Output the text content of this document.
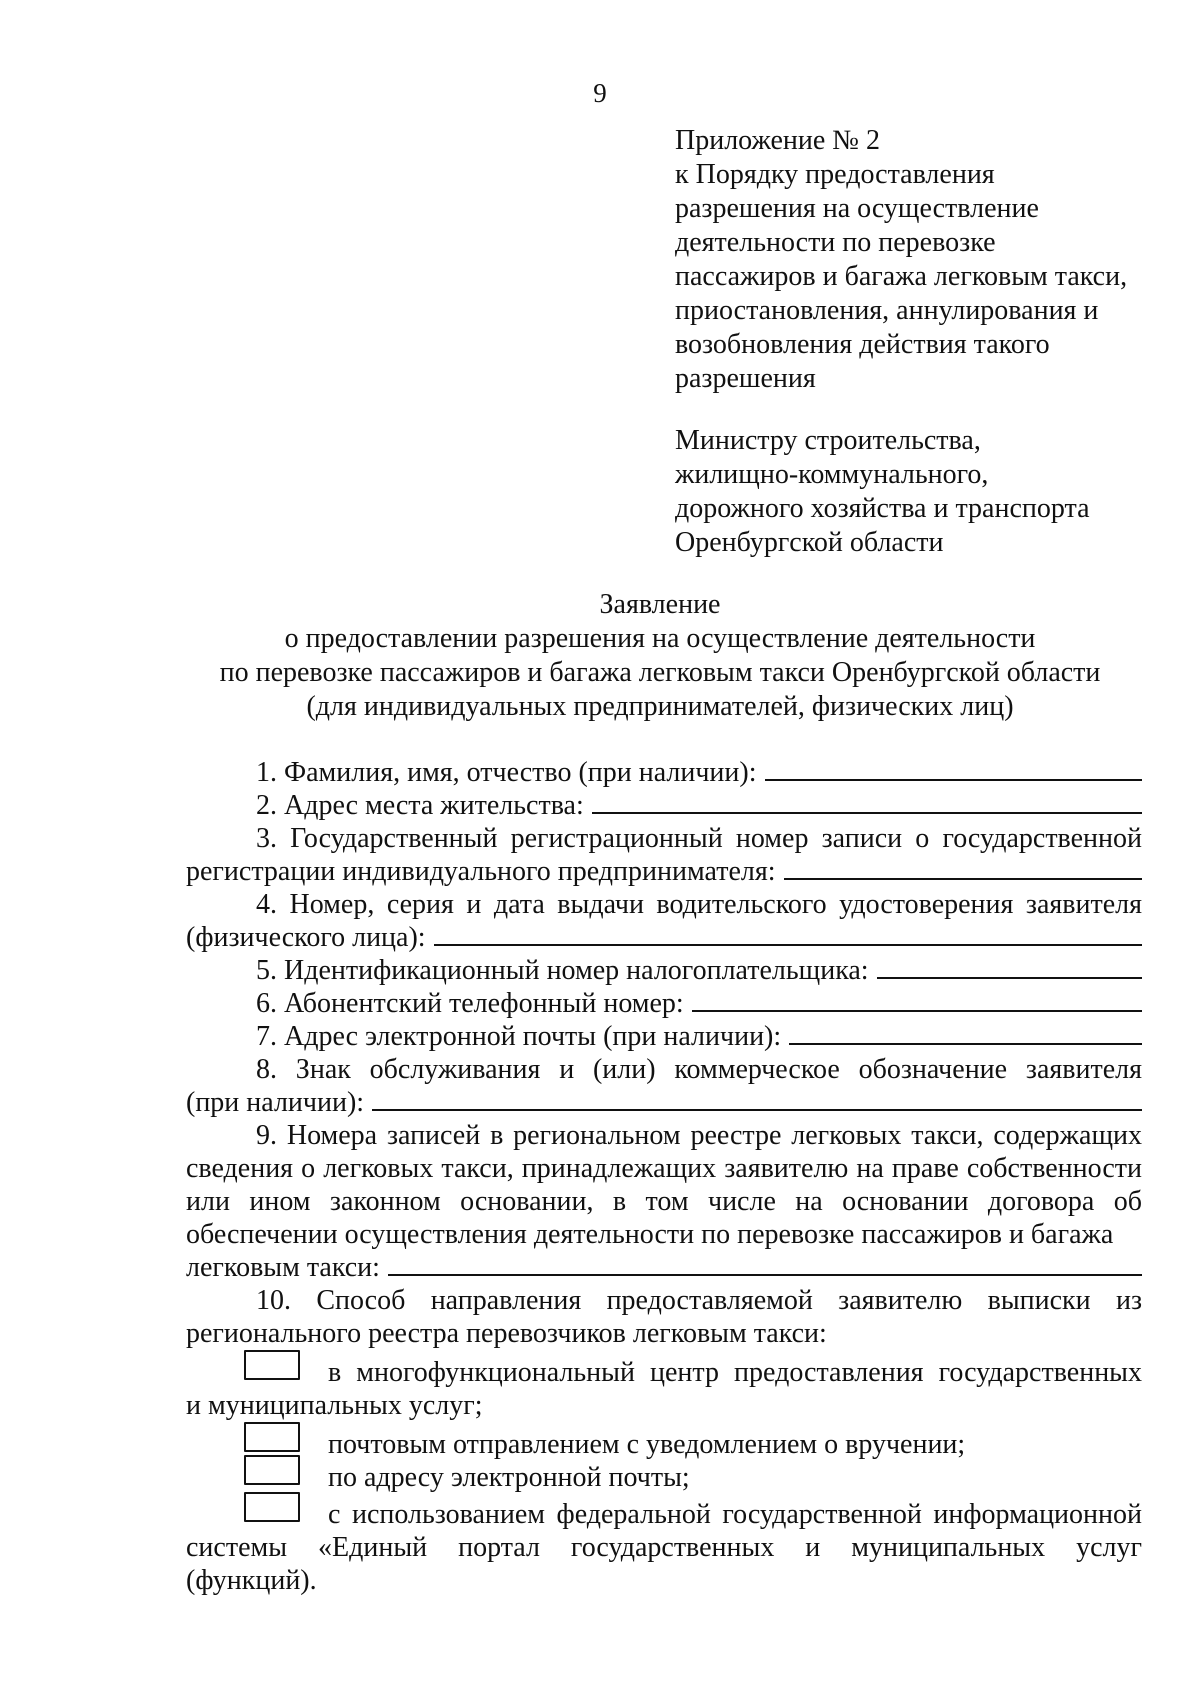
9
Приложение № 2
к Порядку предоставления
разрешения на осуществление
деятельности по перевозке
пассажиров и багажа легковым такси,
приостановления, аннулирования и
возобновления действия такого
разрешения
Министру строительства,
жилищно-коммунального,
дорожного хозяйства и транспорта
Оренбургской области
Заявление
о предоставлении разрешения на осуществление деятельности
по перевозке пассажиров и багажа легковым такси Оренбургской области
(для индивидуальных предпринимателей, физических лиц)
1. Фамилия, имя, отчество (при наличии):
2. Адрес места жительства:
3. Государственный регистрационный номер записи о государственной
регистрации индивидуального предпринимателя:
4. Номер, серия и дата выдачи водительского удостоверения заявителя
(физического лица):
5. Идентификационный номер налогоплательщика:
6. Абонентский телефонный номер:
7. Адрес электронной почты (при наличии):
8. Знак обслуживания и (или) коммерческое обозначение заявителя
(при наличии):
9. Номера записей в региональном реестре легковых такси, содержащих сведения о легковых такси, принадлежащих заявителю на праве собственности или ином законном основании, в том числе на основании договора об обеспечении осуществления деятельности по перевозке пассажиров и багажа
легковым такси:
10. Способ направления предоставляемой заявителю выписки из
регионального реестра перевозчиков легковым такси:
в многофункциональный центр предоставления государственных
и муниципальных услуг;
почтовым отправлением с уведомлением о вручении;
по адресу электронной почты;
с использованием федеральной государственной информационной
системы «Единый портал государственных и муниципальных услуг
(функций).
